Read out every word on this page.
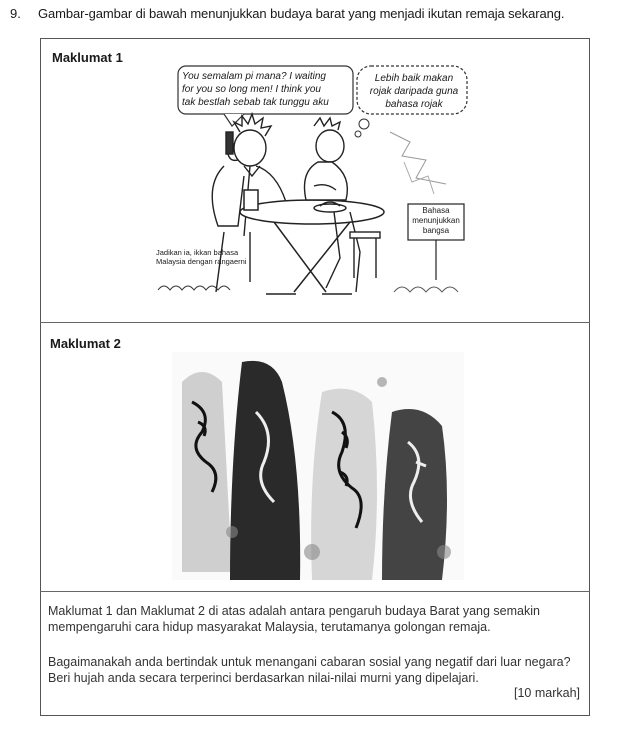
9. Gambar-gambar di bawah menunjukkan budaya barat yang menjadi ikutan remaja sekarang.
Maklumat 1
You semalam pi mana? I waiting
for you so long men! I think you
tak bestlah sebab tak tunggu aku
Lebih baik makan
rojak daripada guna
bahasa rojak
Bahasa
menunjukkan
bangsa
Jadikan ia, ikkan bahasa
Malaysia dengan rangaerni
Maklumat 2
Maklumat 1 dan Maklumat 2 di atas adalah antara pengaruh budaya Barat yang semakin mempengaruhi cara hidup masyarakat Malaysia, terutamanya golongan remaja.
Bagaimanakah anda bertindak untuk menangani cabaran sosial yang negatif dari luar negara? Beri hujah anda secara terperinci berdasarkan nilai-nilai murni yang dipelajari.
[10 markah]
